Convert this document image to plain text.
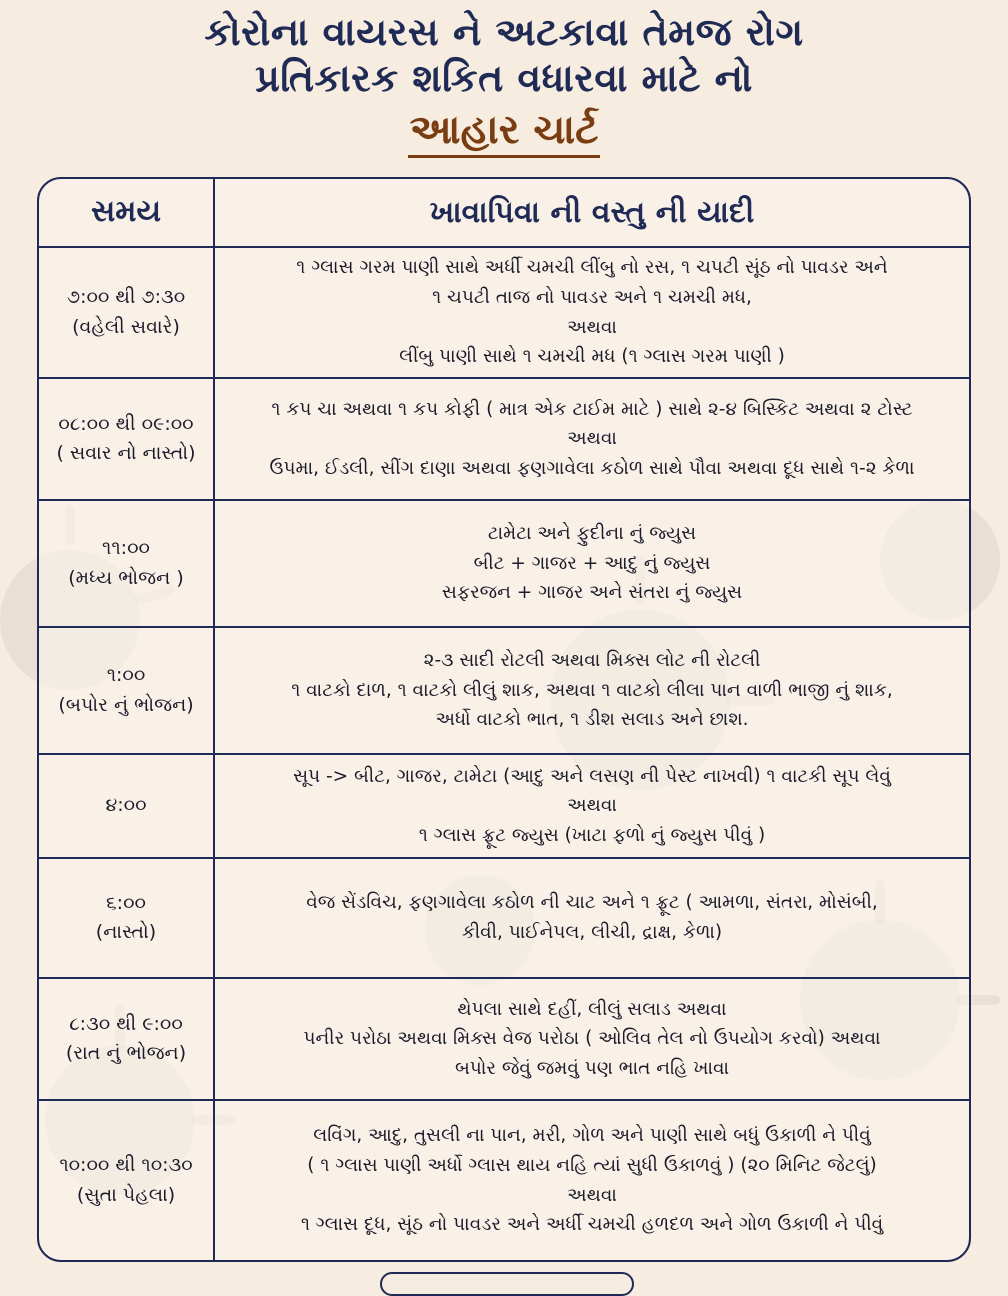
કોરોના વાયરસ ને અટકાવા તેમજ રોગ
પ્રતિકારક શકિત વધારવા માટે નો
આહાર ચાર્ટ
સમય	ખાવાપિવા ની વસ્તુ ની યાદી
૭:૦૦ થી ૭:૩૦
(વહેલી સવારે)
૧ ગ્લાસ ગરમ પાણી સાથે અર્ધી ચમચી લીંબુ નો રસ, ૧ ચપટી સૂંઠ નો પાવડર અને
૧ ચપટી તાજ નો પાવડર અને ૧ ચમચી મધ,
અથવા
લીંબુ પાણી સાથે ૧ ચમચી મધ (૧ ગ્લાસ ગરમ પાણી )
૦૮:૦૦ થી ૦૯:૦૦
( સવાર નો નાસ્તો)
૧ કપ ચા અથવા ૧ કપ કોફી ( માત્ર એક ટાઈમ માટે ) સાથે ૨-૪ બિસ્કિટ અથવા ૨ ટોસ્ટ
અથવા
ઉપમા, ઈડલી, સીંગ દાણા અથવા ફણગાવેલા કઠોળ સાથે પૌવા અથવા દૂધ સાથે ૧-૨ કેળા
૧૧:૦૦
(મધ્ય ભોજન )
ટામેટા અને ફુદીના નું જ્યુસ
બીટ + ગાજર + આદુ નું જ્યુસ
સફરજન + ગાજર અને સંતરા નું જ્યુસ
૧:૦૦
(બપોર નું ભોજન)
૨-૩ સાદી રોટલી અથવા મિક્સ લોટ ની રોટલી
૧ વાટકો દાળ, ૧ વાટકો લીલું શાક, અથવા ૧ વાટકો લીલા પાન વાળી ભાજી નું શાક,
અર્ધો વાટકો ભાત, ૧ ડીશ સલાડ અને છાશ.
૪:૦૦
સૂપ -> બીટ, ગાજર, ટામેટા (આદુ અને લસણ ની પેસ્ટ નાખવી) ૧ વાટકી સૂપ લેવું
અથવા
૧ ગ્લાસ ફ્રૂટ જ્યુસ (ખાટા ફળો નું જ્યુસ પીવું )
૬:૦૦
(નાસ્તો)
વેજ સેંડવિચ, ફણગાવેલા કઠોળ ની ચાટ અને ૧ ફ્રૂટ ( આમળા, સંતરા, મોસંબી,
કીવી, પાઈનેપલ, લીચી, દ્રાક્ષ, કેળા)
૮:૩૦ થી ૯:૦૦
(રાત નું ભોજન)
થેપલા સાથે દહીં, લીલું સલાડ અથવા
પનીર પરોઠા અથવા મિક્સ વેજ પરોઠા ( ઓલિવ તેલ નો ઉપયોગ કરવો) અથવા
બપોર જેવું જમવું પણ ભાત નહિ ખાવા
૧૦:૦૦ થી ૧૦:૩૦
(સુતા પેહલા)
લવિંગ, આદુ, તુસલી ના પાન, મરી, ગોળ અને પાણી સાથે બધું ઉકાળી ને પીવું
( ૧ ગ્લાસ પાણી અર્ધો ગ્લાસ થાય નહિ ત્યાં સુધી ઉકાળવું ) (૨૦ મિનિટ જેટલું)
અથવા
૧ ગ્લાસ દૂધ, સૂંઠ નો પાવડર અને અર્ધી ચમચી હળદળ અને ગોળ ઉકાળી ને પીવું
